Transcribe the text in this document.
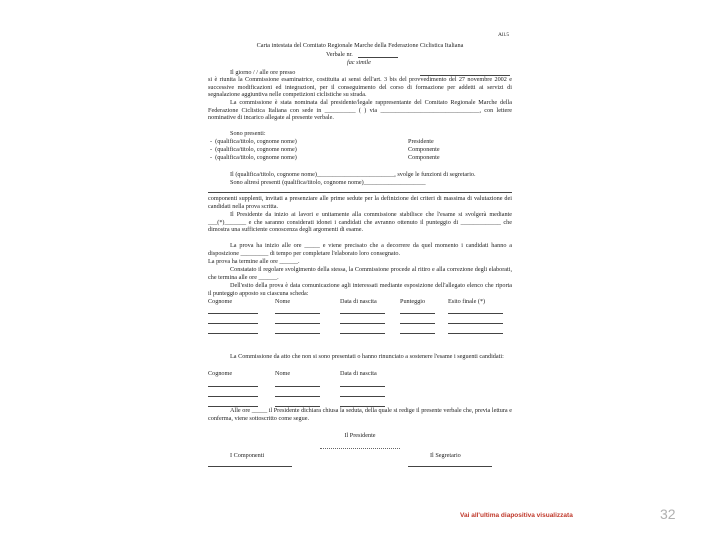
All.5
Carta intestata del Comitato Regionale Marche della Federazione Ciclistica Italiana
Verbale nr.
fac simile
Il giorno / / alle ore presso
si è riunita la Commissione esaminatrice, costituita ai sensi dell'art. 3 bis del provvedimento del 27 novembre 2002 e successive modificazioni ed integrazioni, per il conseguimento del corso di formazione per addetti ai servizi di segnalazione aggiuntiva nelle competizioni ciclistiche su strada.
La commissione è stata nominata dal presidente/legale rappresentante del Comitato Regionale Marche della Federazione Ciclistica Italiana con sede in __________ ( ) via ________________________________, con lettere nominative di incarico allegate al presente verbale.
Sono presenti:
-  (qualifica/titolo, cognome nome)	Presidente
-  (qualifica/titolo, cognome nome)	Componente
-  (qualifica/titolo, cognome nome)	Componente
Il (qualifica/titolo, cognome nome)_________________________, svolge le funzioni di segretario.
Sono altresì presenti (qualifica/titolo, cognome nome)____________________
componenti supplenti, invitati a presenziare alle prime sedute per la definizione dei criteri di massima di valutazione dei candidati nella prova scritta.
Il Presidente da inizio ai lavori e unitamente alla commissione stabilisce che l'esame si svolgerà mediante ___(*)_______ e che saranno considerati idonei i candidati che avranno ottenuto il punteggio di _____________ che dimostra una sufficiente conoscenza degli argomenti di esame.
La prova ha inizio alle ore _____ e viene precisato che a decorrere da quel momento i candidati hanno a disposizione _________ di tempo per completare l'elaborato loro consegnato.
La prova ha termine alle ore ______.
Constatato il regolare svolgimento della stessa, la Commissione procede al ritiro e alla correzione degli elaborati, che termina alle ore ______.
Dell'esito della prova è data comunicazione agli interessati mediante esposizione dell'allegato elenco che riporta il punteggio apposto su ciascuna scheda:
Cognome	Nome	Data di nascita	Punteggio	Esito finale (*)
La Commissione da atto che non si sono presentati o hanno rinunciato a sostenere l'esame i seguenti candidati:
Cognome	Nome	Data di nascita
Alle ore _____ il Presidente dichiara chiusa la seduta, della quale si redige il presente verbale che, previa lettura e conferma, viene sottoscritto come segue.
Il Presidente
I Componenti	Il Segretario
Vai all'ultima diapositiva visualizzata	32
